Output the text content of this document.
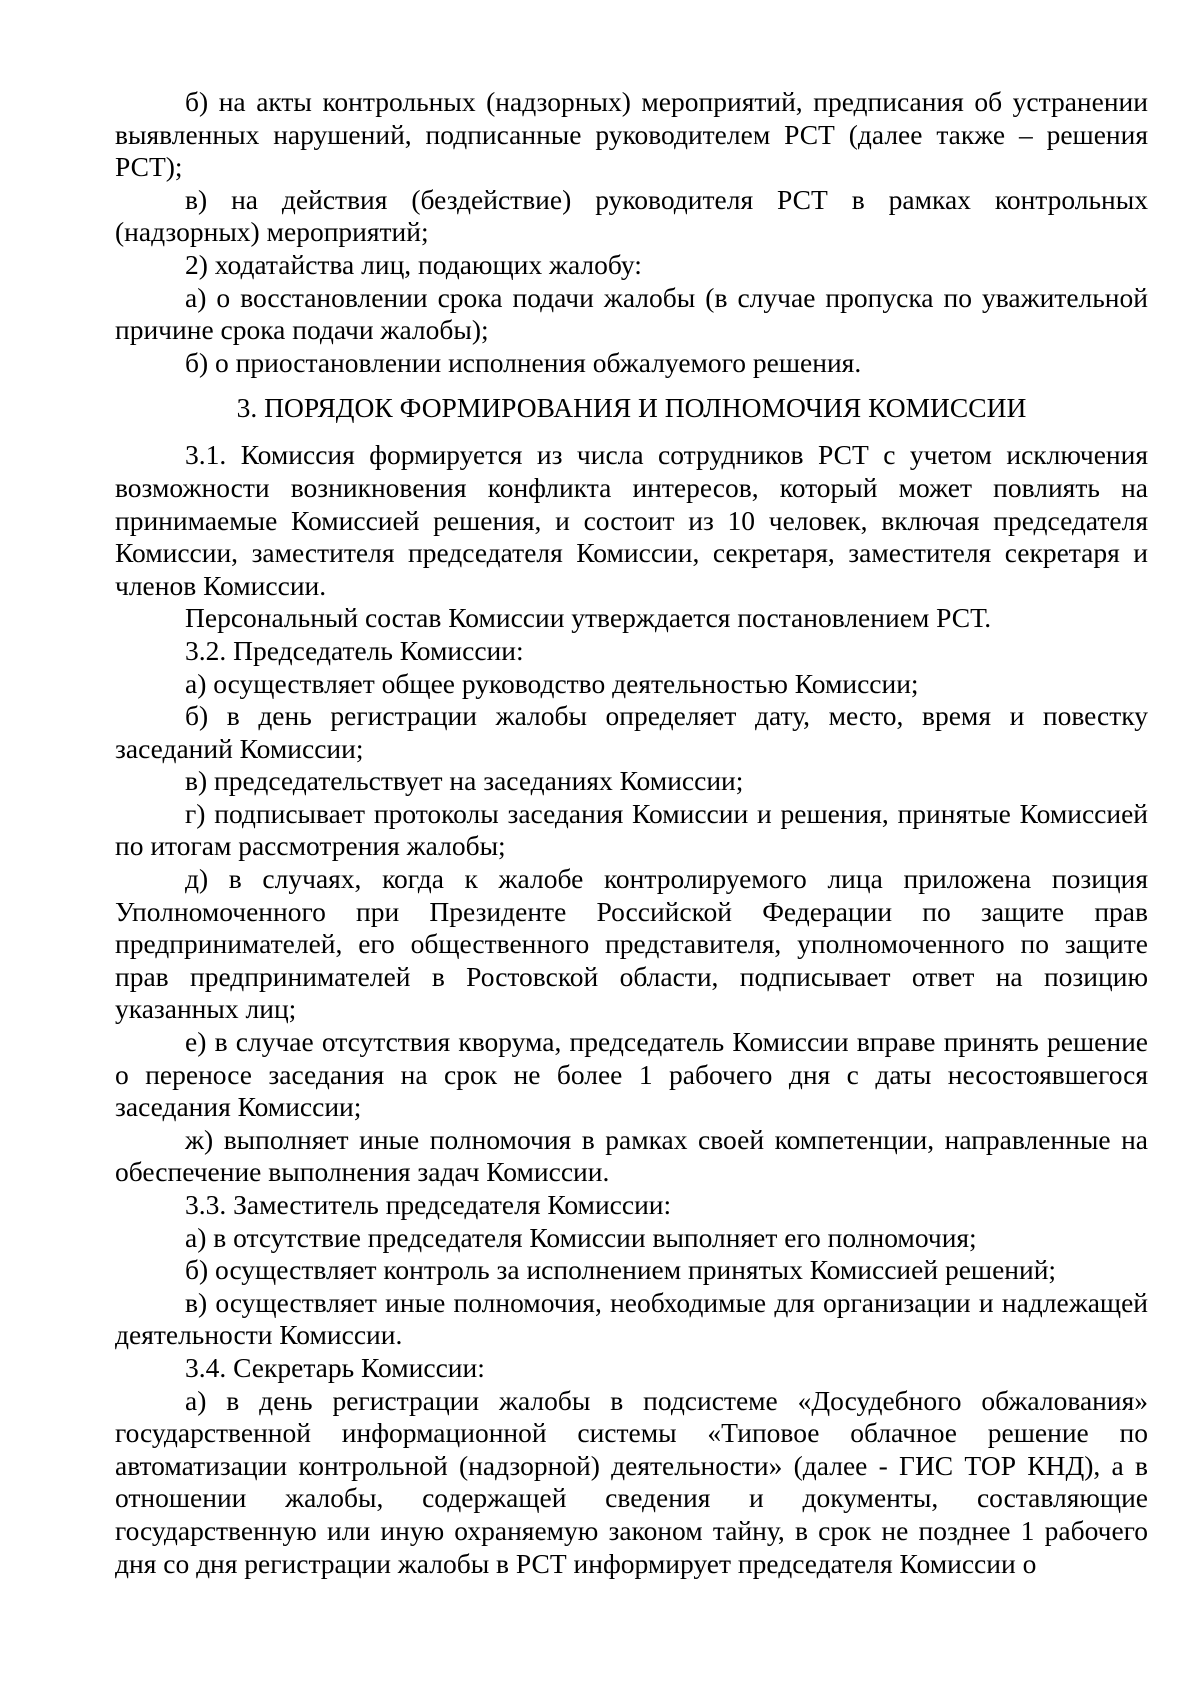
б) на акты контрольных (надзорных) мероприятий, предписания об устранении выявленных нарушений, подписанные руководителем РСТ (далее также – решения РСТ);

в) на действия (бездействие) руководителя РСТ в рамках контрольных (надзорных) мероприятий;

2) ходатайства лиц, подающих жалобу:

а) о восстановлении срока подачи жалобы (в случае пропуска по уважительной причине срока подачи жалобы);

б) о приостановлении исполнения обжалуемого решения.

3. ПОРЯДОК ФОРМИРОВАНИЯ И ПОЛНОМОЧИЯ КОМИССИИ

3.1. Комиссия формируется из числа сотрудников РСТ с учетом исключения возможности возникновения конфликта интересов, который может повлиять на принимаемые Комиссией решения, и состоит из 10 человек, включая председателя Комиссии, заместителя председателя Комиссии, секретаря, заместителя секретаря и членов Комиссии.

Персональный состав Комиссии утверждается постановлением РСТ.

3.2. Председатель Комиссии:

а) осуществляет общее руководство деятельностью Комиссии;

б) в день регистрации жалобы определяет дату, место, время и повестку заседаний Комиссии;

в) председательствует на заседаниях Комиссии;

г) подписывает протоколы заседания Комиссии и решения, принятые Комиссией по итогам рассмотрения жалобы;

д) в случаях, когда к жалобе контролируемого лица приложена позиция Уполномоченного при Президенте Российской Федерации по защите прав предпринимателей, его общественного представителя, уполномоченного по защите прав предпринимателей в Ростовской области, подписывает ответ на позицию указанных лиц;

е) в случае отсутствия кворума, председатель Комиссии вправе принять решение о переносе заседания на срок не более 1 рабочего дня с даты несостоявшегося заседания Комиссии;

ж) выполняет иные полномочия в рамках своей компетенции, направленные на обеспечение выполнения задач Комиссии.

3.3. Заместитель председателя Комиссии:

а) в отсутствие председателя Комиссии выполняет его полномочия;

б) осуществляет контроль за исполнением принятых Комиссией решений;

в) осуществляет иные полномочия, необходимые для организации и надлежащей деятельности Комиссии.

3.4. Секретарь Комиссии:

а) в день регистрации жалобы в подсистеме «Досудебного обжалования» государственной информационной системы «Типовое облачное решение по автоматизации контрольной (надзорной) деятельности» (далее - ГИС ТОР КНД), а в отношении жалобы, содержащей сведения и документы, составляющие государственную или иную охраняемую законом тайну, в срок не позднее 1 рабочего дня со дня регистрации жалобы в РСТ информирует председателя Комиссии о
